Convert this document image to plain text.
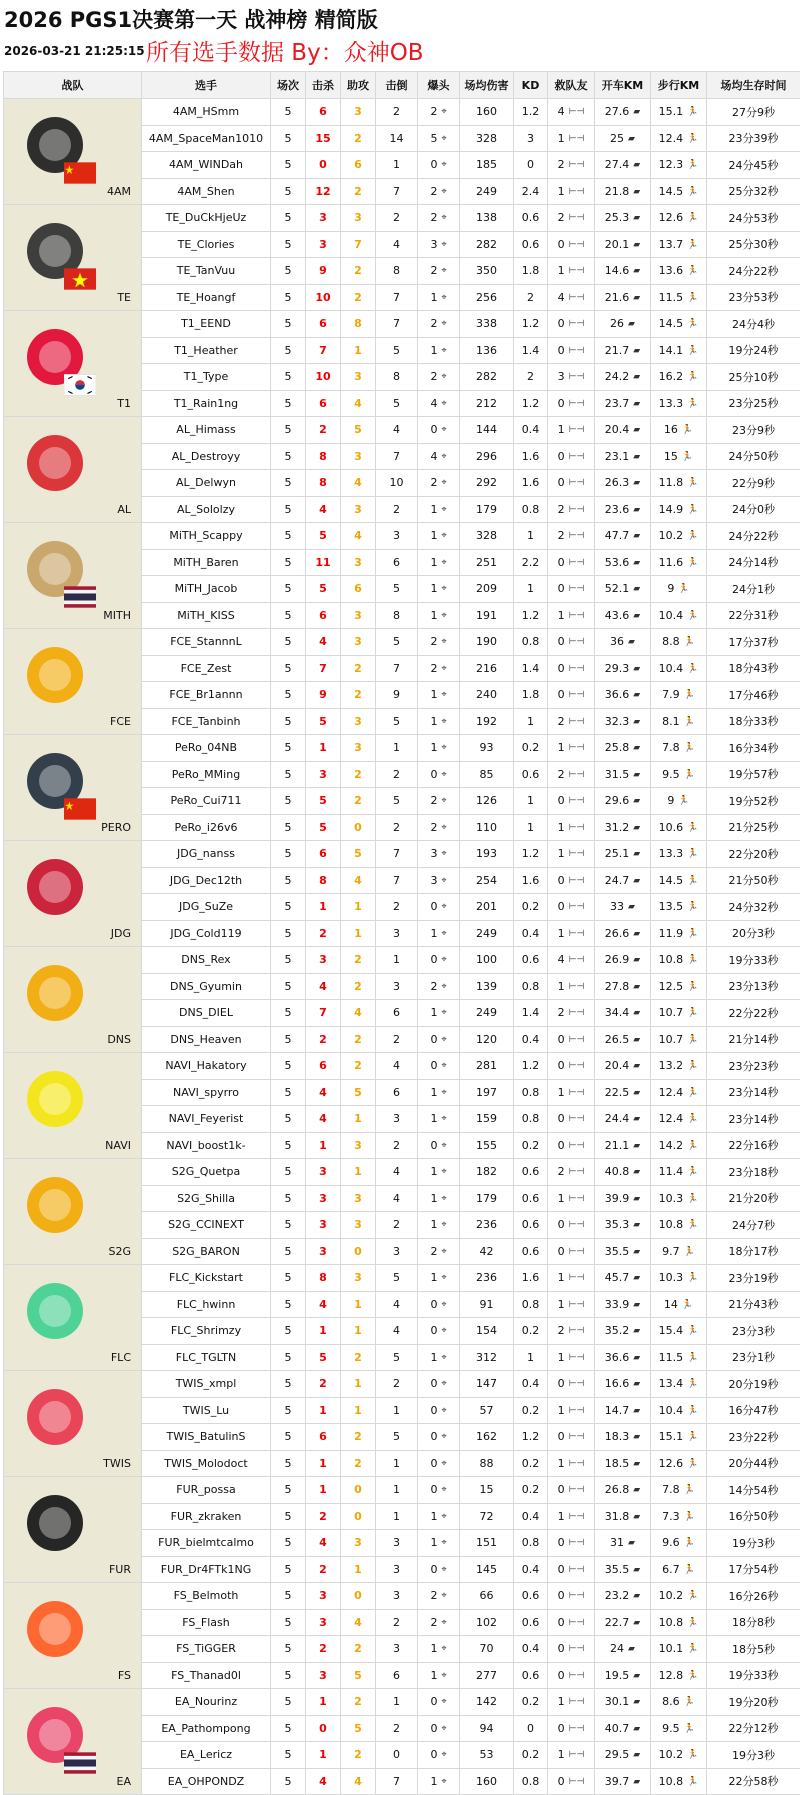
2026 PGS1决赛第一天 战神榜 精简版
2026-03-21 21:25:15 所有选手数据 By：众神OB
战队	选手	场次	击杀	助攻	击倒	爆头	场均伤害	KD	救队友	开车KM	步行KM	场均生存时间

4AM	4AM_HSmm	5	6	3	2	2 ⌖	160	1.2	4 ⊢⊣	27.6 ▰	15.1 🏃	27分9秒
	4AM_SpaceMan1010	5	15	2	14	5 ⌖	328	3	1 ⊢⊣	25 ▰	12.4 🏃	23分39秒
	4AM_WINDah	5	0	6	1	0 ⌖	185	0	2 ⊢⊣	27.4 ▰	12.3 🏃	24分45秒
	4AM_Shen	5	12	2	7	2 ⌖	249	2.4	1 ⊢⊣	21.8 ▰	14.5 🏃	25分32秒

TE	TE_DuCkHjeUz	5	3	3	2	2 ⌖	138	0.6	2 ⊢⊣	25.3 ▰	12.6 🏃	24分53秒
	TE_Clories	5	3	7	4	3 ⌖	282	0.6	0 ⊢⊣	20.1 ▰	13.7 🏃	25分30秒
	TE_TanVuu	5	9	2	8	2 ⌖	350	1.8	1 ⊢⊣	14.6 ▰	13.6 🏃	24分22秒
	TE_Hoangf	5	10	2	7	1 ⌖	256	2	4 ⊢⊣	21.6 ▰	11.5 🏃	23分53秒

T1	T1_EEND	5	6	8	7	2 ⌖	338	1.2	0 ⊢⊣	26 ▰	14.5 🏃	24分4秒
	T1_Heather	5	7	1	5	1 ⌖	136	1.4	0 ⊢⊣	21.7 ▰	14.1 🏃	19分24秒
	T1_Type	5	10	3	8	2 ⌖	282	2	3 ⊢⊣	24.2 ▰	16.2 🏃	25分10秒
	T1_Rain1ng	5	6	4	5	4 ⌖	212	1.2	0 ⊢⊣	23.7 ▰	13.3 🏃	23分25秒

AL	AL_Himass	5	2	5	4	0 ⌖	144	0.4	1 ⊢⊣	20.4 ▰	16 🏃	23分9秒
	AL_Destroyy	5	8	3	7	4 ⌖	296	1.6	0 ⊢⊣	23.1 ▰	15 🏃	24分50秒
	AL_Delwyn	5	8	4	10	2 ⌖	292	1.6	0 ⊢⊣	26.3 ▰	11.8 🏃	22分9秒
	AL_Sololzy	5	4	3	2	1 ⌖	179	0.8	2 ⊢⊣	23.6 ▰	14.9 🏃	24分0秒

MITH	MiTH_Scappy	5	5	4	3	1 ⌖	328	1	2 ⊢⊣	47.7 ▰	10.2 🏃	24分22秒
	MiTH_Baren	5	11	3	6	1 ⌖	251	2.2	0 ⊢⊣	53.6 ▰	11.6 🏃	24分14秒
	MiTH_Jacob	5	5	6	5	1 ⌖	209	1	0 ⊢⊣	52.1 ▰	9 🏃	24分1秒
	MiTH_KISS	5	6	3	8	1 ⌖	191	1.2	1 ⊢⊣	43.6 ▰	10.4 🏃	22分31秒

FCE	FCE_StannnL	5	4	3	5	2 ⌖	190	0.8	0 ⊢⊣	36 ▰	8.8 🏃	17分37秒
	FCE_Zest	5	7	2	7	2 ⌖	216	1.4	0 ⊢⊣	29.3 ▰	10.4 🏃	18分43秒
	FCE_Br1annn	5	9	2	9	1 ⌖	240	1.8	0 ⊢⊣	36.6 ▰	7.9 🏃	17分46秒
	FCE_Tanbinh	5	5	3	5	1 ⌖	192	1	2 ⊢⊣	32.3 ▰	8.1 🏃	18分33秒

PERO	PeRo_04NB	5	1	3	1	1 ⌖	93	0.2	1 ⊢⊣	25.8 ▰	7.8 🏃	16分34秒
	PeRo_MMing	5	3	2	2	0 ⌖	85	0.6	2 ⊢⊣	31.5 ▰	9.5 🏃	19分57秒
	PeRo_Cui711	5	5	2	5	2 ⌖	126	1	0 ⊢⊣	29.6 ▰	9 🏃	19分52秒
	PeRo_i26v6	5	5	0	2	2 ⌖	110	1	1 ⊢⊣	31.2 ▰	10.6 🏃	21分25秒

JDG	JDG_nanss	5	6	5	7	3 ⌖	193	1.2	1 ⊢⊣	25.1 ▰	13.3 🏃	22分20秒
	JDG_Dec12th	5	8	4	7	3 ⌖	254	1.6	0 ⊢⊣	24.7 ▰	14.5 🏃	21分50秒
	JDG_SuZe	5	1	1	2	0 ⌖	201	0.2	0 ⊢⊣	33 ▰	13.5 🏃	24分32秒
	JDG_Cold119	5	2	1	3	1 ⌖	249	0.4	1 ⊢⊣	26.6 ▰	11.9 🏃	20分3秒

DNS	DNS_Rex	5	3	2	1	0 ⌖	100	0.6	4 ⊢⊣	26.9 ▰	10.8 🏃	19分33秒
	DNS_Gyumin	5	4	2	3	2 ⌖	139	0.8	1 ⊢⊣	27.8 ▰	12.5 🏃	23分13秒
	DNS_DIEL	5	7	4	6	1 ⌖	249	1.4	2 ⊢⊣	34.4 ▰	10.7 🏃	22分22秒
	DNS_Heaven	5	2	2	2	0 ⌖	120	0.4	0 ⊢⊣	26.5 ▰	10.7 🏃	21分14秒

NAVI	NAVI_Hakatory	5	6	2	4	0 ⌖	281	1.2	0 ⊢⊣	20.4 ▰	13.2 🏃	23分23秒
	NAVI_spyrro	5	4	5	6	1 ⌖	197	0.8	1 ⊢⊣	22.5 ▰	12.4 🏃	23分14秒
	NAVI_Feyerist	5	4	1	3	1 ⌖	159	0.8	0 ⊢⊣	24.4 ▰	12.4 🏃	23分14秒
	NAVI_boost1k-	5	1	3	2	0 ⌖	155	0.2	0 ⊢⊣	21.1 ▰	14.2 🏃	22分16秒

S2G	S2G_Quetpa	5	3	1	4	1 ⌖	182	0.6	2 ⊢⊣	40.8 ▰	11.4 🏃	23分18秒
	S2G_Shilla	5	3	3	4	1 ⌖	179	0.6	1 ⊢⊣	39.9 ▰	10.3 🏃	21分20秒
	S2G_CCINEXT	5	3	3	2	1 ⌖	236	0.6	0 ⊢⊣	35.3 ▰	10.8 🏃	24分7秒
	S2G_BARON	5	3	0	3	2 ⌖	42	0.6	0 ⊢⊣	35.5 ▰	9.7 🏃	18分17秒

FLC	FLC_Kickstart	5	8	3	5	1 ⌖	236	1.6	1 ⊢⊣	45.7 ▰	10.3 🏃	23分19秒
	FLC_hwinn	5	4	1	4	0 ⌖	91	0.8	1 ⊢⊣	33.9 ▰	14 🏃	21分43秒
	FLC_Shrimzy	5	1	1	4	0 ⌖	154	0.2	2 ⊢⊣	35.2 ▰	15.4 🏃	23分3秒
	FLC_TGLTN	5	5	2	5	1 ⌖	312	1	1 ⊢⊣	36.6 ▰	11.5 🏃	23分1秒

TWIS	TWIS_xmpl	5	2	1	2	0 ⌖	147	0.4	0 ⊢⊣	16.6 ▰	13.4 🏃	20分19秒
	TWIS_Lu	5	1	1	1	0 ⌖	57	0.2	1 ⊢⊣	14.7 ▰	10.4 🏃	16分47秒
	TWIS_BatulinS	5	6	2	5	0 ⌖	162	1.2	0 ⊢⊣	18.3 ▰	15.1 🏃	23分22秒
	TWIS_Molodoct	5	1	2	1	0 ⌖	88	0.2	1 ⊢⊣	18.5 ▰	12.6 🏃	20分44秒

FUR	FUR_possa	5	1	0	1	0 ⌖	15	0.2	0 ⊢⊣	26.8 ▰	7.8 🏃	14分54秒
	FUR_zkraken	5	2	0	1	1 ⌖	72	0.4	1 ⊢⊣	31.8 ▰	7.3 🏃	16分50秒
	FUR_bielmtcalmo	5	4	3	3	1 ⌖	151	0.8	0 ⊢⊣	31 ▰	9.6 🏃	19分3秒
	FUR_Dr4FTk1NG	5	2	1	3	0 ⌖	145	0.4	0 ⊢⊣	35.5 ▰	6.7 🏃	17分54秒

FS	FS_Belmoth	5	3	0	3	2 ⌖	66	0.6	0 ⊢⊣	23.2 ▰	10.2 🏃	16分26秒
	FS_Flash	5	3	4	2	2 ⌖	102	0.6	0 ⊢⊣	22.7 ▰	10.8 🏃	18分8秒
	FS_TiGGER	5	2	2	3	1 ⌖	70	0.4	0 ⊢⊣	24 ▰	10.1 🏃	18分5秒
	FS_Thanad0l	5	3	5	6	1 ⌖	277	0.6	0 ⊢⊣	19.5 ▰	12.8 🏃	19分33秒

EA	EA_Nourinz	5	1	2	1	0 ⌖	142	0.2	1 ⊢⊣	30.1 ▰	8.6 🏃	19分20秒
	EA_Pathompong	5	0	5	2	0 ⌖	94	0	0 ⊢⊣	40.7 ▰	9.5 🏃	22分12秒
	EA_Lericz	5	1	2	0	0 ⌖	53	0.2	1 ⊢⊣	29.5 ▰	10.2 🏃	19分3秒
	EA_OHPONDZ	5	4	4	7	1 ⌖	160	0.8	0 ⊢⊣	39.7 ▰	10.8 🏃	22分58秒
